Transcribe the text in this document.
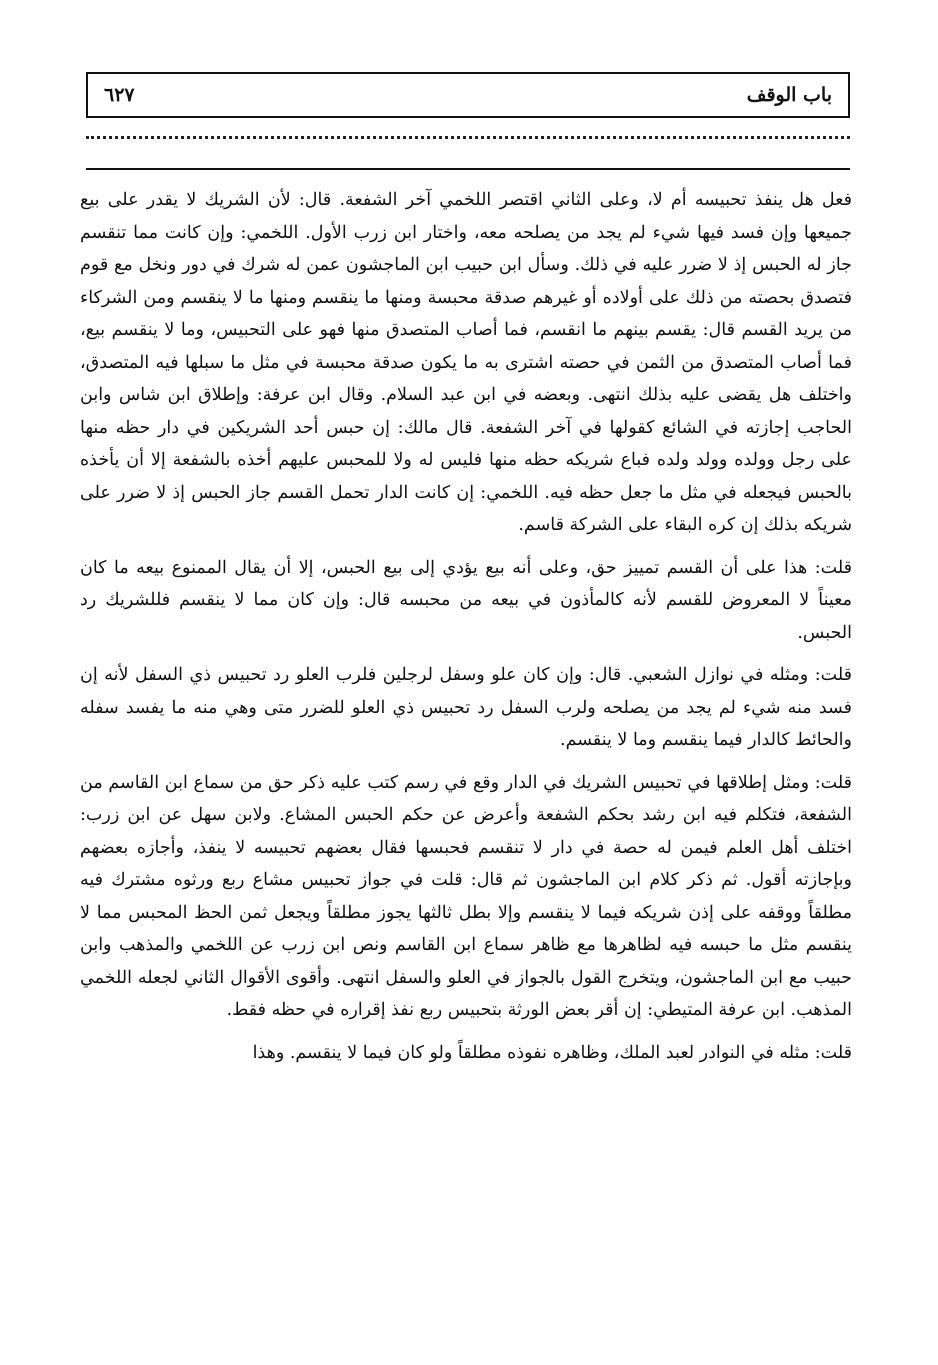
باب الوقف
٦٢٧

فعل هل ينفذ تحبيسه أم لا، وعلى الثاني اقتصر اللخمي آخر الشفعة. قال: لأن الشريك لا يقدر على بيع جميعها وإن فسد فيها شيء لم يجد من يصلحه معه، واختار ابن زرب الأول. اللخمي: وإن كانت مما تنقسم جاز له الحبس إذ لا ضرر عليه في ذلك. وسأل ابن حبيب ابن الماجشون عمن له شرك في دور ونخل مع قوم فتصدق بحصته من ذلك على أولاده أو غيرهم صدقة محبسة ومنها ما ينقسم ومنها ما لا ينقسم ومن الشركاء من يريد القسم قال: يقسم بينهم ما انقسم، فما أصاب المتصدق منها فهو على التحبيس، وما لا ينقسم بيع، فما أصاب المتصدق من الثمن في حصته اشترى به ما يكون صدقة محبسة في مثل ما سبلها فيه المتصدق، واختلف هل يقضى عليه بذلك انتهى. وبعضه في ابن عبد السلام. وقال ابن عرفة: وإطلاق ابن شاس وابن الحاجب إجازته في الشائع كقولها في آخر الشفعة. قال مالك: إن حبس أحد الشريكين في دار حظه منها على رجل وولده وولد ولده فباع شريكه حظه منها فليس له ولا للمحبس عليهم أخذه بالشفعة إلا أن يأخذه بالحبس فيجعله في مثل ما جعل حظه فيه. اللخمي: إن كانت الدار تحمل القسم جاز الحبس إذ لا ضرر على شريكه بذلك إن كره البقاء على الشركة قاسم.

قلت: هذا على أن القسم تمييز حق، وعلى أنه بيع يؤدي إلى بيع الحبس، إلا أن يقال الممنوع بيعه ما كان معيناً لا المعروض للقسم لأنه كالمأذون في بيعه من محبسه قال: وإن كان مما لا ينقسم فللشريك رد الحبس.

قلت: ومثله في نوازل الشعبي. قال: وإن كان علو وسفل لرجلين فلرب العلو رد تحبيس ذي السفل لأنه إن فسد منه شيء لم يجد من يصلحه ولرب السفل رد تحبيس ذي العلو للضرر متى وهي منه ما يفسد سفله والحائط كالدار فيما ينقسم وما لا ينقسم.

قلت: ومثل إطلاقها في تحبيس الشريك في الدار وقع في رسم كتب عليه ذكر حق من سماع ابن القاسم من الشفعة، فتكلم فيه ابن رشد بحكم الشفعة وأعرض عن حكم الحبس المشاع. ولابن سهل عن ابن زرب: اختلف أهل العلم فيمن له حصة في دار لا تنقسم فحبسها فقال بعضهم تحبيسه لا ينفذ، وأجازه بعضهم وبإجازته أقول. ثم ذكر كلام ابن الماجشون ثم قال: قلت في جواز تحبيس مشاع ربع ورثوه مشترك فيه مطلقاً ووقفه على إذن شريكه فيما لا ينقسم وإلا بطل ثالثها يجوز مطلقاً ويجعل ثمن الحظ المحبس مما لا ينقسم مثل ما حبسه فيه لظاهرها مع ظاهر سماع ابن القاسم ونص ابن زرب عن اللخمي والمذهب وابن حبيب مع ابن الماجشون، ويتخرج القول بالجواز في العلو والسفل انتهى. وأقوى الأقوال الثاني لجعله اللخمي المذهب. ابن عرفة المتيطي: إن أقر بعض الورثة بتحبيس ربع نفذ إقراره في حظه فقط.

قلت: مثله في النوادر لعبد الملك، وظاهره نفوذه مطلقاً ولو كان فيما لا ينقسم. وهذا
